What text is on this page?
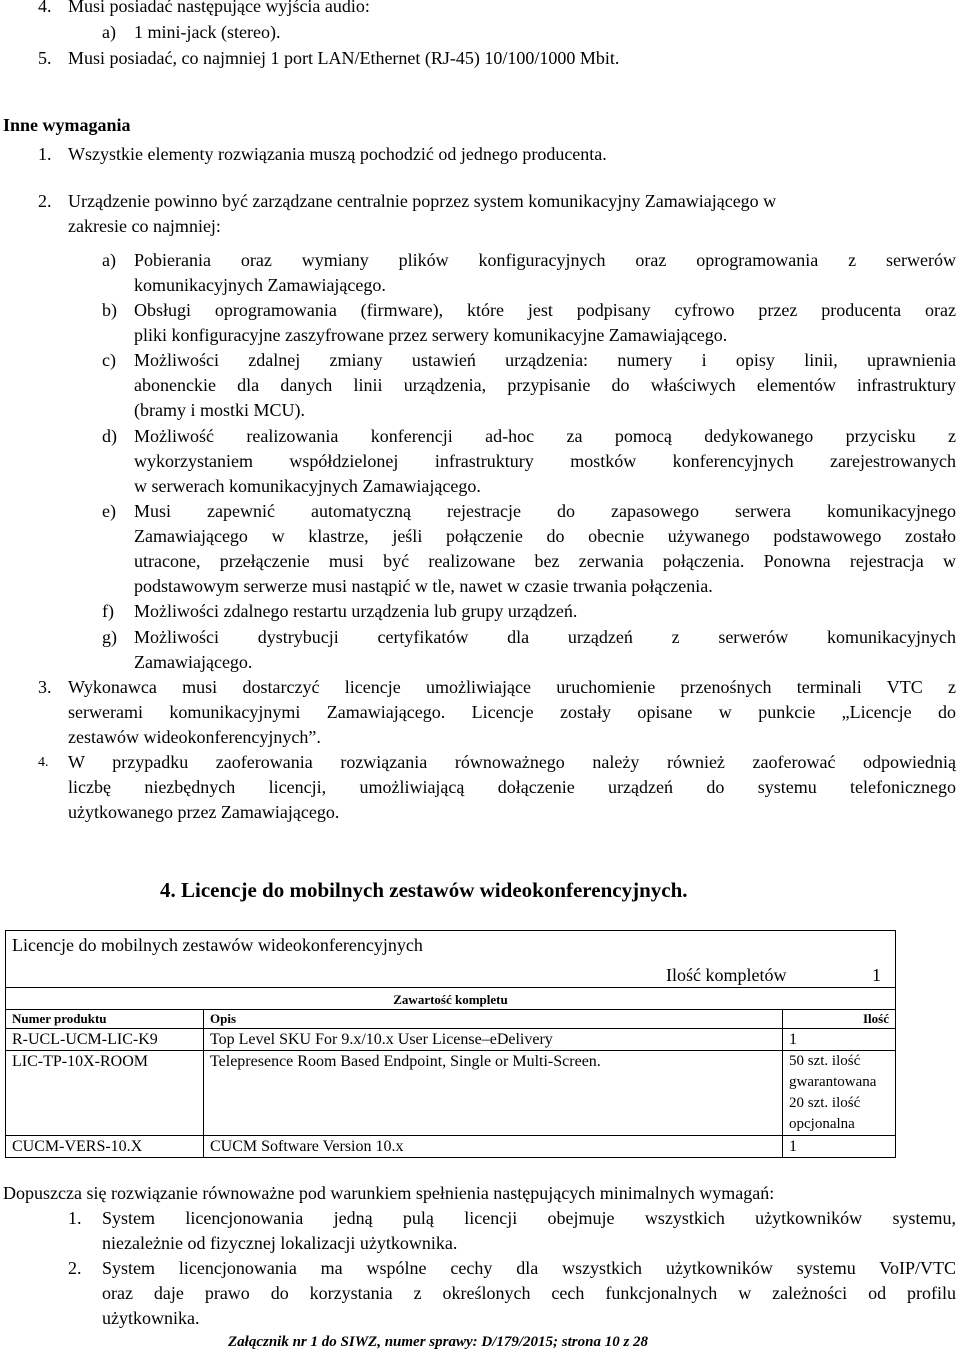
4. Musi posiadać następujące wyjścia audio:
a) 1 mini-jack (stereo).
5. Musi posiadać, co najmniej 1 port LAN/Ethernet (RJ-45) 10/100/1000 Mbit.
Inne wymagania
1. Wszystkie elementy rozwiązania muszą pochodzić od jednego producenta.
2. Urządzenie powinno być zarządzane centralnie poprzez system komunikacyjny Zamawiającego w
zakresie co najmniej:
a) Pobierania oraz wymiany plików konfiguracyjnych oraz oprogramowania z serwerów
komunikacyjnych Zamawiającego.
b) Obsługi oprogramowania (firmware), które jest podpisany cyfrowo przez producenta oraz
pliki konfiguracyjne zaszyfrowane przez serwery komunikacyjne Zamawiającego.
c) Możliwości zdalnej zmiany ustawień urządzenia: numery i opisy linii, uprawnienia
abonenckie dla danych linii urządzenia, przypisanie do właściwych elementów infrastruktury
(bramy i mostki MCU).
d) Możliwość realizowania konferencji ad-hoc za pomocą dedykowanego przycisku z
wykorzystaniem współdzielonej infrastruktury mostków konferencyjnych zarejestrowanych
w serwerach komunikacyjnych Zamawiającego.
e) Musi zapewnić automatyczną rejestracje do zapasowego serwera komunikacyjnego
Zamawiającego w klastrze, jeśli połączenie do obecnie używanego podstawowego zostało
utracone, przełączenie musi być realizowane bez zerwania połączenia. Ponowna rejestracja w
podstawowym serwerze musi nastąpić w tle, nawet w czasie trwania połączenia.
f) Możliwości zdalnego restartu urządzenia lub grupy urządzeń.
g) Możliwości dystrybucji certyfikatów dla urządzeń z serwerów komunikacyjnych
Zamawiającego.
3. Wykonawca musi dostarczyć licencje umożliwiające uruchomienie przenośnych terminali VTC z
serwerami komunikacyjnymi Zamawiającego. Licencje zostały opisane w punkcie „Licencje do
zestawów wideokonferencyjnych”.
4. W przypadku zaoferowania rozwiązania równoważnego należy również zaoferować odpowiednią
liczbę niezbędnych licencji, umożliwiającą dołączenie urządzeń do systemu telefonicznego
użytkowanego przez Zamawiającego.
4. Licencje do mobilnych zestawów wideokonferencyjnych.
Licencje do mobilnych zestawów wideokonferencyjnych		
Ilość kompletów 1		
Zawartość kompletu		
Numer produktu	Opis	Ilość
R-UCL-UCM-LIC-K9	Top Level SKU For 9.x/10.x User License–eDelivery	1
LIC-TP-10X-ROOM	Telepresence Room Based Endpoint, Single or Multi-Screen.	50 szt. ilość
gwarantowana
20 szt. ilość
opcjonalna

CUCM-VERS-10.X	CUCM Software Version 10.x	1
Dopuszcza się rozwiązanie równoważne pod warunkiem spełnienia następujących minimalnych wymagań:
1. System licencjonowania jedną pulą licencji obejmuje wszystkich użytkowników systemu,
niezależnie od fizycznej lokalizacji użytkownika.
2. System licencjonowania ma wspólne cechy dla wszystkich użytkowników systemu VoIP/VTC
oraz daje prawo do korzystania z określonych cech funkcjonalnych w zależności od profilu
użytkownika.
Załącznik nr 1 do SIWZ, numer sprawy: D/179/2015; strona 10 z 28
